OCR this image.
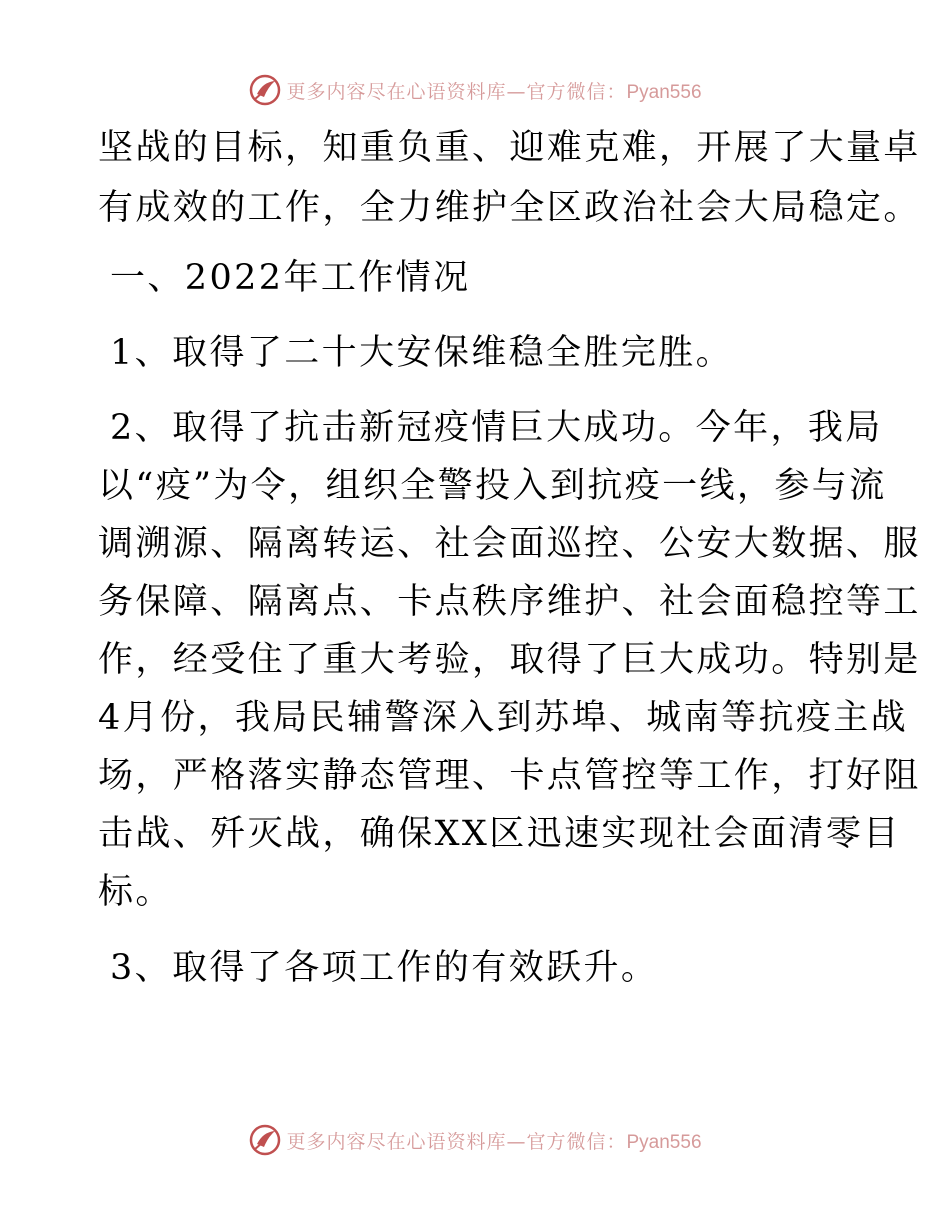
更多内容尽在心语资料库—官方微信：Pyan556
坚战的目标，知重负重、迎难克难，开展了大量卓
有成效的工作，全力维护全区政治社会大局稳定。
一、2022年工作情况
1、取得了二十大安保维稳全胜完胜。
2、取得了抗击新冠疫情巨大成功。今年，我局
以“疫”为令，组织全警投入到抗疫一线，参与流
调溯源、隔离转运、社会面巡控、公安大数据、服
务保障、隔离点、卡点秩序维护、社会面稳控等工
作，经受住了重大考验，取得了巨大成功。特别是
4月份，我局民辅警深入到苏埠、城南等抗疫主战
场，严格落实静态管理、卡点管控等工作，打好阻
击战、歼灭战，确保XX区迅速实现社会面清零目
标。
3、取得了各项工作的有效跃升。
更多内容尽在心语资料库—官方微信：Pyan556
